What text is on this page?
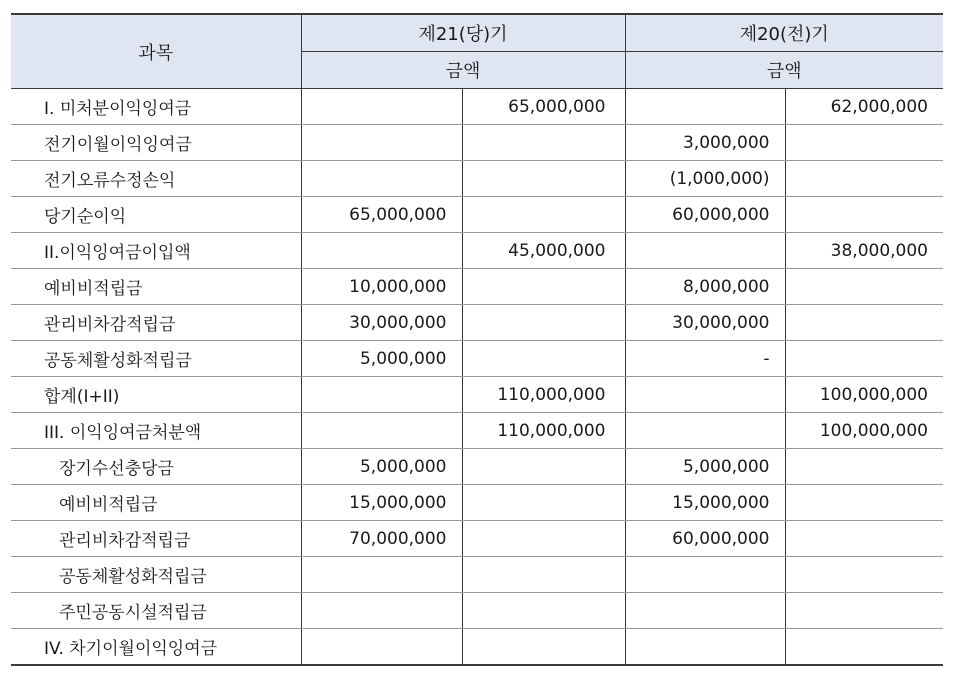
과목	제21(당)기		제20(전)기	
	금액		금액	
I. 미처분이익잉여금		65,000,000		62,000,000
전기이월이익잉여금			3,000,000	
전기오류수정손익			(1,000,000)	
당기순이익	65,000,000		60,000,000	
II.이익잉여금이입액		45,000,000		38,000,000
예비비적립금	10,000,000		8,000,000	
관리비차감적립금	30,000,000		30,000,000	
공동체활성화적립금	5,000,000		-	
합계(I+II)		110,000,000		100,000,000
III. 이익잉여금처분액		110,000,000		100,000,000
장기수선충당금	5,000,000		5,000,000	
예비비적립금	15,000,000		15,000,000	
관리비차감적립금	70,000,000		60,000,000	
공동체활성화적립금				
주민공동시설적립금				
IV. 차기이월이익잉여금				
